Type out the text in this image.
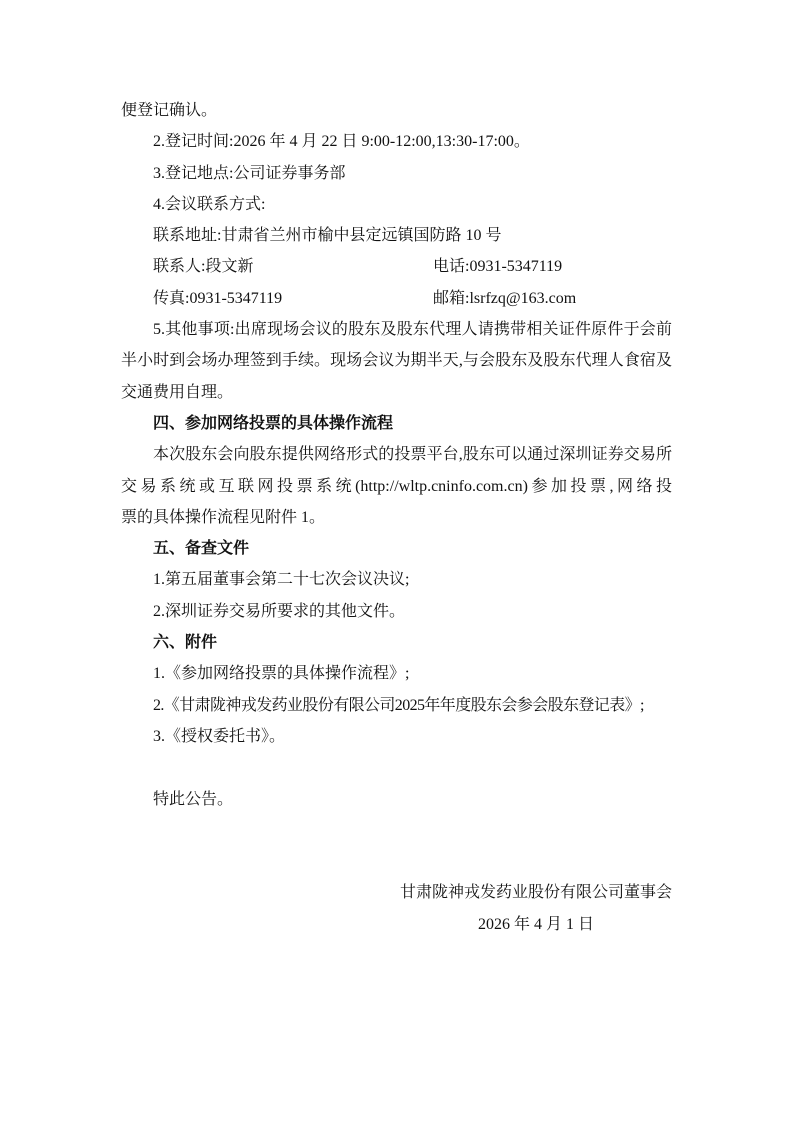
便登记确认。

2.登记时间:2026 年 4 月 22 日 9:00-12:00,13:30-17:00。

3.登记地点:公司证券事务部

4.会议联系方式:

联系地址:甘肃省兰州市榆中县定远镇国防路 10 号

联系人:段文新	电话:0931-5347119

传真:0931-5347119	邮箱:lsrfzq@163.com

5.其他事项:出席现场会议的股东及股东代理人请携带相关证件原件于会前

半小时到会场办理签到手续。现场会议为期半天,与会股东及股东代理人食宿及

交通费用自理。

四、参加网络投票的具体操作流程

本次股东会向股东提供网络形式的投票平台,股东可以通过深圳证券交易所

交易系统或互联网投票系统(http://wltp.cninfo.com.cn)参加投票,网络投

票的具体操作流程见附件 1。

五、备查文件

1.第五届董事会第二十七次会议决议;

2.深圳证券交易所要求的其他文件。

六、附件

1.《参加网络投票的具体操作流程》;

2.《甘肃陇神戎发药业股份有限公司2025年年度股东会参会股东登记表》;

3.《授权委托书》。

特此公告。

甘肃陇神戎发药业股份有限公司董事会

2026 年 4 月 1 日
